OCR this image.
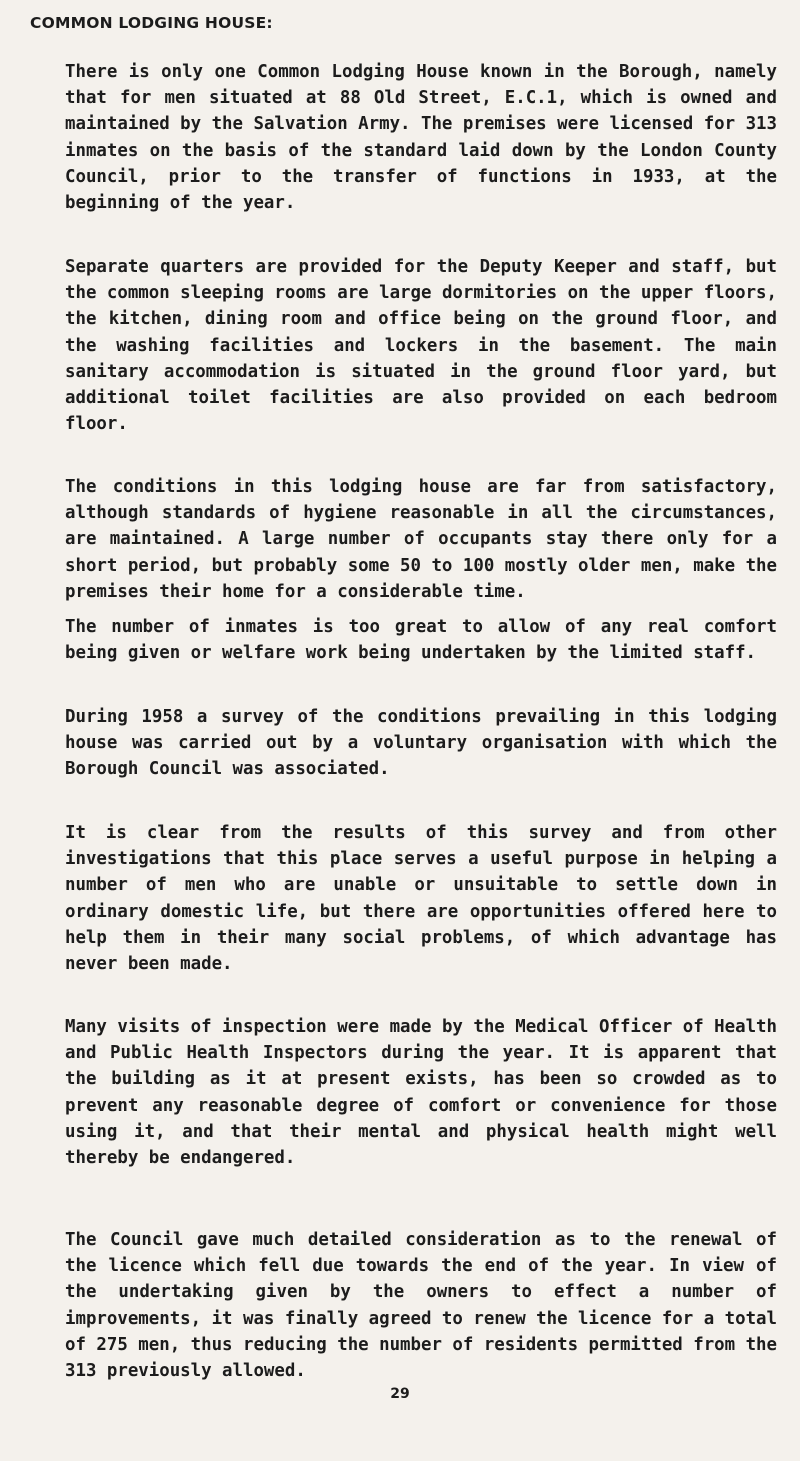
COMMON LODGING HOUSE:

There is only one Common Lodging House known in the Borough, namely that for men situated at 88 Old Street, E.C.1, which is owned and maintained by the Salvation Army. The premises were licensed for 313 inmates on the basis of the standard laid down by the London County Council, prior to the transfer of functions in 1933, at the beginning of the year.

Separate quarters are provided for the Deputy Keeper and staff, but the common sleeping rooms are large dormitories on the upper floors, the kitchen, dining room and office being on the ground floor, and the washing facilities and lockers in the basement. The main sanitary accommodation is situated in the ground floor yard, but additional toilet facilities are also provided on each bedroom floor.

The conditions in this lodging house are far from satisfactory, although standards of hygiene reasonable in all the circumstances, are maintained. A large number of occupants stay there only for a short period, but probably some 50 to 100 mostly older men, make the premises their home for a considerable time.

The number of inmates is too great to allow of any real comfort being given or welfare work being undertaken by the limited staff.

During 1958 a survey of the conditions prevailing in this lodging house was carried out by a voluntary organisation with which the Borough Council was associated.

It is clear from the results of this survey and from other investigations that this place serves a useful purpose in helping a number of men who are unable or unsuitable to settle down in ordinary domestic life, but there are opportunities offered here to help them in their many social problems, of which advantage has never been made.

Many visits of inspection were made by the Medical Officer of Health and Public Health Inspectors during the year. It is apparent that the building as it at present exists, has been so crowded as to prevent any reasonable degree of comfort or convenience for those using it, and that their mental and physical health might well thereby be endangered.

The Council gave much detailed consideration as to the renewal of the licence which fell due towards the end of the year. In view of the undertaking given by the owners to effect a number of improvements, it was finally agreed to renew the licence for a total of 275 men, thus reducing the number of residents permitted from the 313 previously allowed.

29
